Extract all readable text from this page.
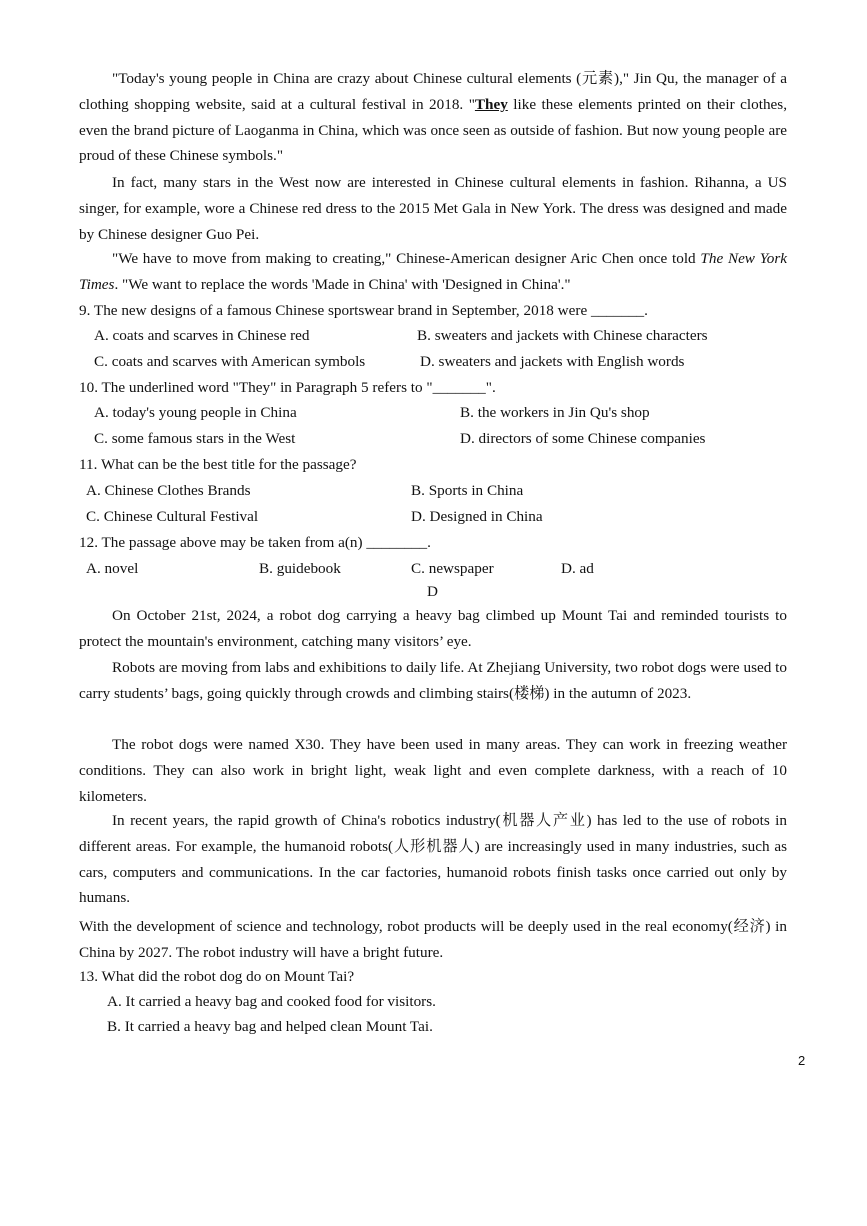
"Today's young people in China are crazy about Chinese cultural elements (元素)," Jin Qu, the manager of a clothing shopping website, said at a cultural festival in 2018. "They like these elements printed on their clothes, even the brand picture of Laoganma in China, which was once seen as outside of fashion. But now young people are proud of these Chinese symbols."

In fact, many stars in the West now are interested in Chinese cultural elements in fashion. Rihanna, a US singer, for example, wore a Chinese red dress to the 2015 Met Gala in New York. The dress was designed and made by Chinese designer Guo Pei.

"We have to move from making to creating," Chinese-American designer Aric Chen once told The New York Times. "We want to replace the words 'Made in China' with 'Designed in China'."

9. The new designs of a famous Chinese sportswear brand in September, 2018 were _______.

A. coats and scarves in Chinese red	B. sweaters and jackets with Chinese characters

C. coats and scarves with American symbols	D. sweaters and jackets with English words

10. The underlined word "They" in Paragraph 5 refers to "_______".

A. today's young people in China	B. the workers in Jin Qu's shop

C. some famous stars in the West	D. directors of some Chinese companies

11. What can be the best title for the passage?

A. Chinese Clothes Brands	B. Sports in China

C. Chinese Cultural Festival	D. Designed in China

12. The passage above may be taken from a(n) ________.

A. novel	B. guidebook	C. newspaper	D. ad

D

On October 21st, 2024, a robot dog carrying a heavy bag climbed up Mount Tai and reminded tourists to protect the mountain's environment, catching many visitors’ eye.

Robots are moving from labs and exhibitions to daily life. At Zhejiang University, two robot dogs were used to carry students’ bags, going quickly through crowds and climbing stairs(楼梯) in the autumn of 2023.

The robot dogs were named X30. They have been used in many areas. They can work in freezing weather conditions. They can also work in bright light, weak light and even complete darkness, with a reach of 10 kilometers.

In recent years, the rapid growth of China's robotics industry(机器人产业) has led to the use of robots in different areas. For example, the humanoid robots(人形机器人) are increasingly used in many industries, such as cars, computers and communications. In the car factories, humanoid robots finish tasks once carried out only by humans.

With the development of science and technology, robot products will be deeply used in the real economy(经济) in China by 2027. The robot industry will have a bright future.

13. What did the robot dog do on Mount Tai?

A. It carried a heavy bag and cooked food for visitors.

B. It carried a heavy bag and helped clean Mount Tai.

2
